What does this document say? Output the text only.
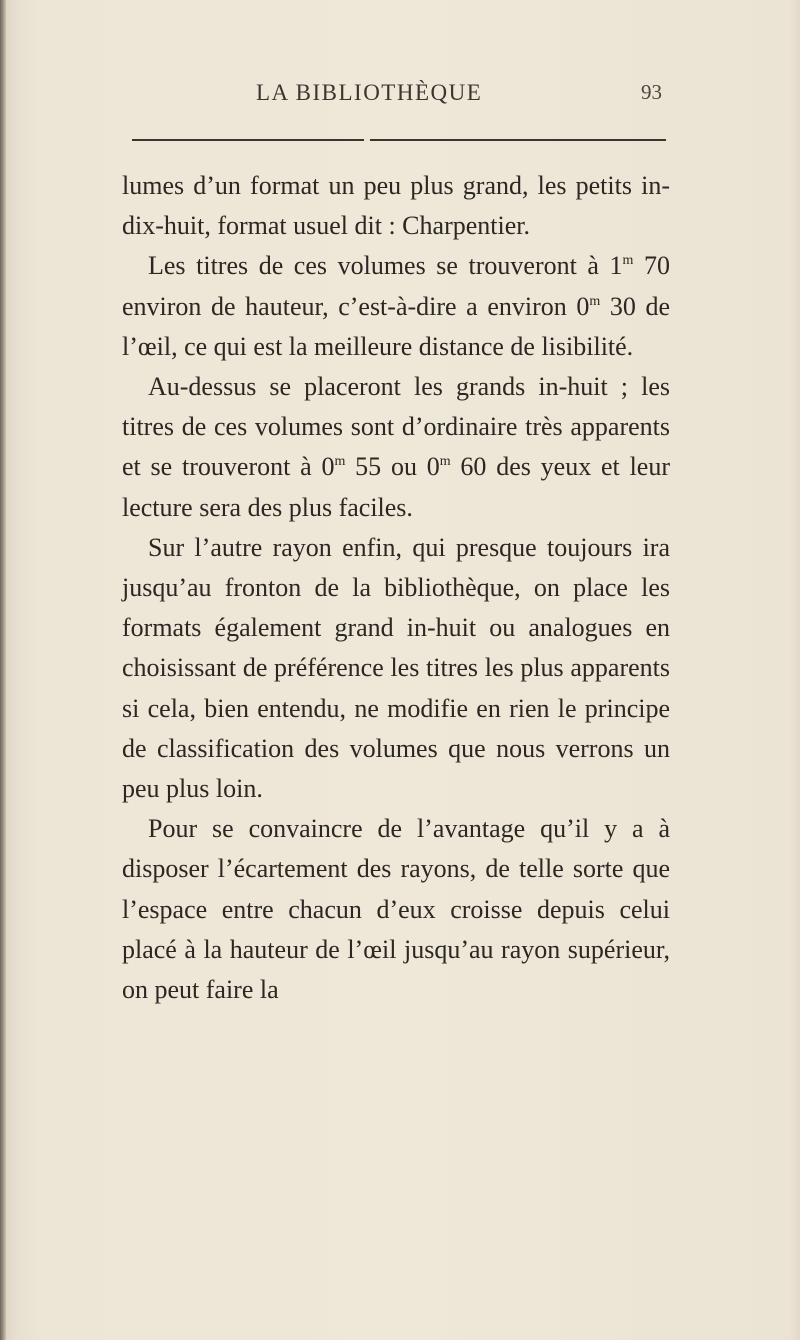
LA BIBLIOTHÈQUE	93

lumes d’un format un peu plus grand, les petits in-dix-huit, format usuel dit : Charpentier.

Les titres de ces volumes se trouveront à 1$^m$ 70 environ de hauteur, c’est-à-dire a environ 0$^m$ 30 de l’œil, ce qui est la meilleure distance de lisibilité.

Au-dessus se placeront les grands in-huit ; les titres de ces volumes sont d’ordinaire très apparents et se trouveront à 0$^m$ 55 ou 0$^m$ 60 des yeux et leur lecture sera des plus faciles.

Sur l’autre rayon enfin, qui presque toujours ira jusqu’au fronton de la bibliothèque, on place les formats également grand in-huit ou analogues en choisissant de préférence les titres les plus apparents si cela, bien entendu, ne modifie en rien le principe de classification des volumes que nous verrons un peu plus loin.

Pour se convaincre de l’avantage qu’il y a à disposer l’écartement des rayons, de telle sorte que l’espace entre chacun d’eux croisse depuis celui placé à la hauteur de l’œil jusqu’au rayon supérieur, on peut faire la
